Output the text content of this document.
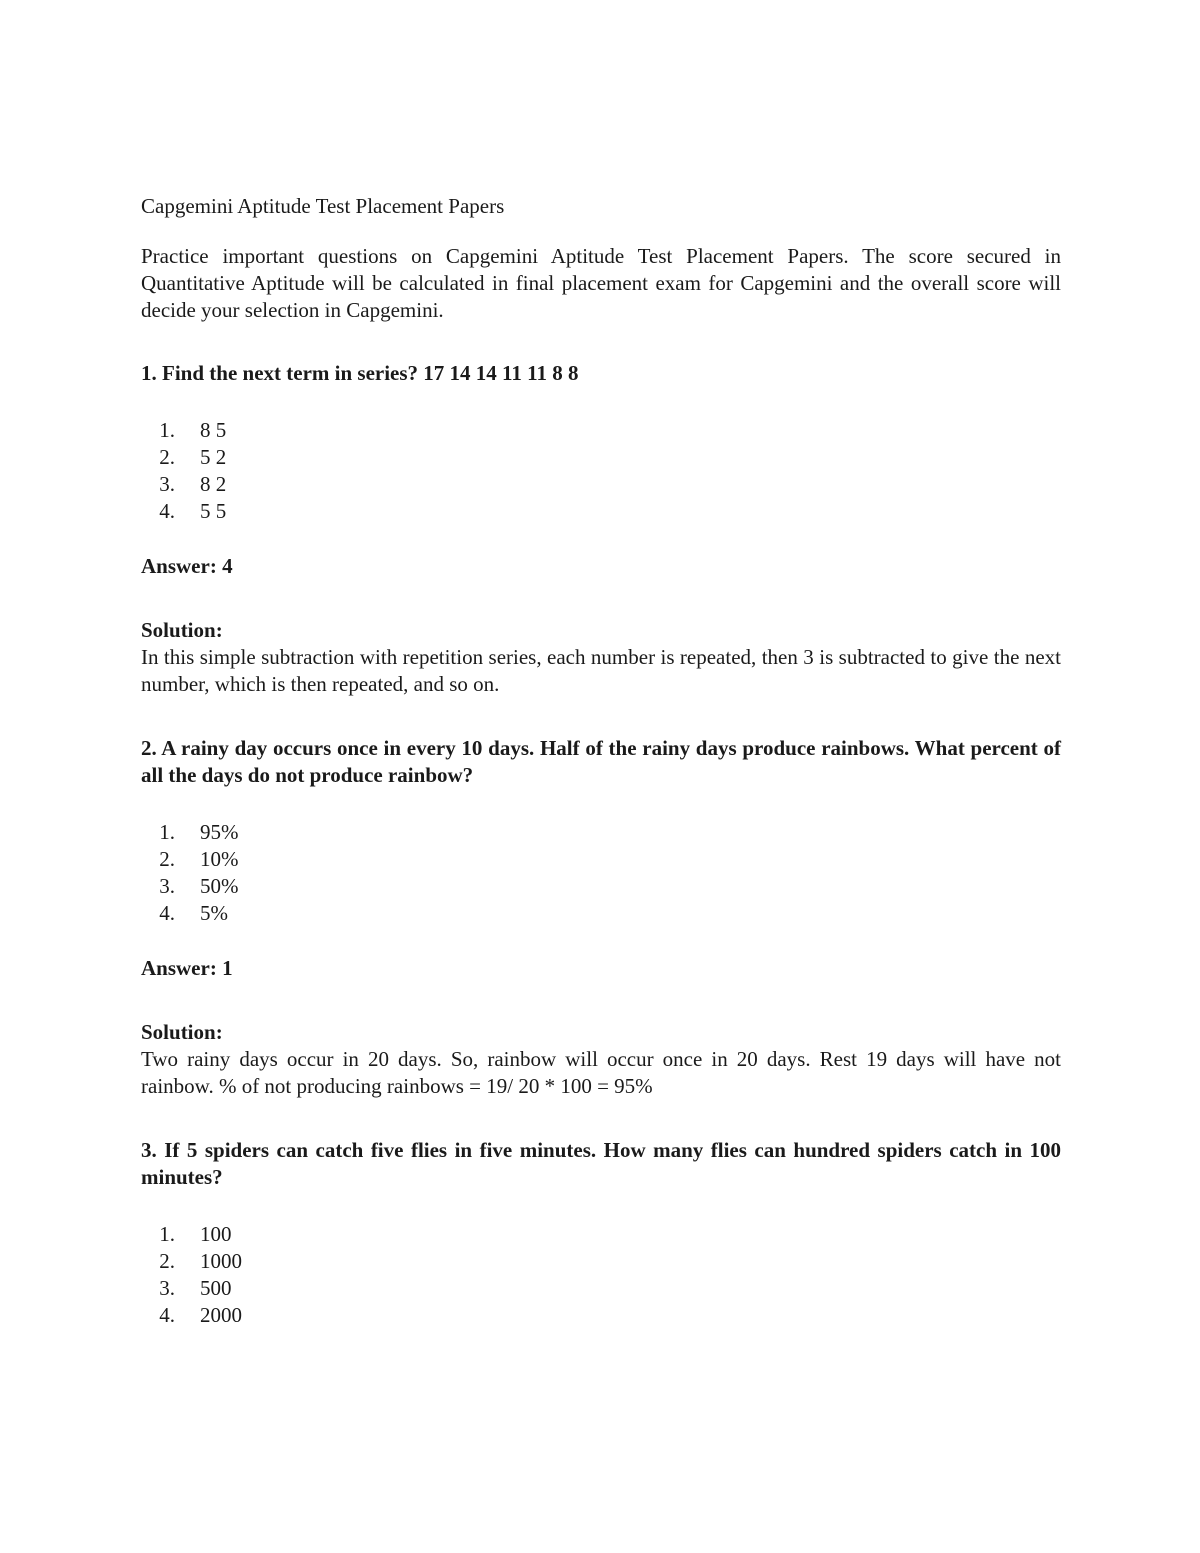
Capgemini Aptitude Test Placement Papers

Practice important questions on Capgemini Aptitude Test Placement Papers. The score secured in Quantitative Aptitude will be calculated in final placement exam for Capgemini and the overall score will decide your selection in Capgemini.

1. Find the next term in series? 17 14 14 11 11 8 8

1.	8 5
2.	5 2
3.	8 2
4.	5 5

Answer: 4

Solution:

In this simple subtraction with repetition series, each number is repeated, then 3 is subtracted to give the next number, which is then repeated, and so on.

2. A rainy day occurs once in every 10 days. Half of the rainy days produce rainbows. What percent of all the days do not produce rainbow?

1.	95%
2.	10%
3.	50%
4.	5%

Answer: 1

Solution:

Two rainy days occur in 20 days. So, rainbow will occur once in 20 days. Rest 19 days will have not rainbow. % of not producing rainbows = 19/ 20 * 100 = 95%

3. If 5 spiders can catch five flies in five minutes. How many flies can hundred spiders catch in 100 minutes?

1.	100
2.	1000
3.	500
4.	2000
